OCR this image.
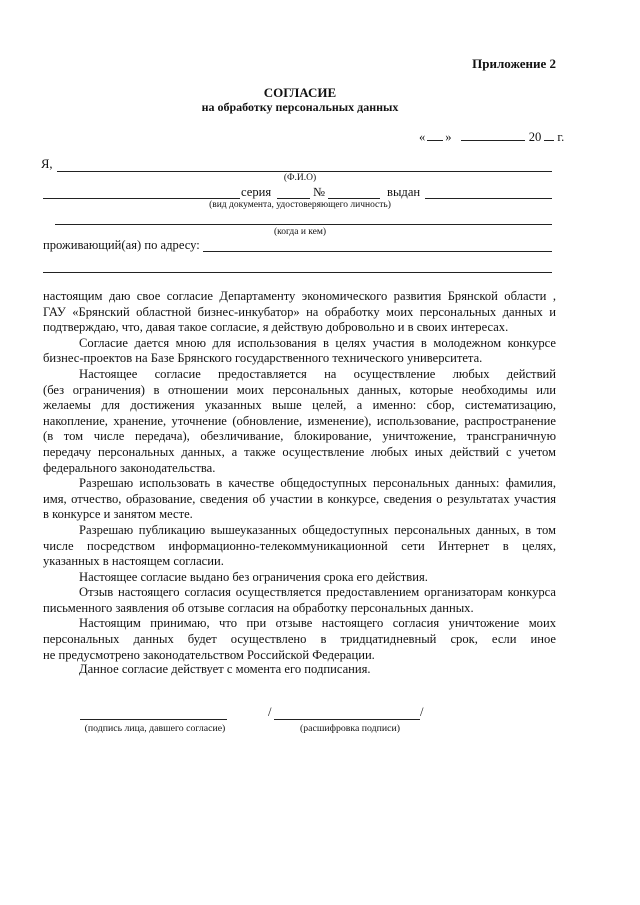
Приложение 2
СОГЛАСИЕ
на обработку персональных данных
« »	20 г.
Я,
(Ф.И.О)
серия	№	выдан
(вид документа, удостоверяющего личность)
(когда и кем)
проживающий(ая) по адресу:
настоящим даю свое согласие Департаменту экономического развития Брянской области ,
ГАУ «Брянский областной бизнес-инкубатор» на обработку моих персональных данных и
подтверждаю, что, давая такое согласие, я действую добровольно и в своих интересах.
Согласие дается мною для использования в целях участия в молодежном конкурсе
бизнес-проектов на Базе Брянского государственного технического университета.
Настоящее согласие предоставляется на осуществление любых действий
(без ограничения) в отношении моих персональных данных, которые необходимы или
желаемы для достижения указанных выше целей, а именно: сбор, систематизацию,
накопление, хранение, уточнение (обновление, изменение), использование, распространение
(в том числе передача), обезличивание, блокирование, уничтожение, трансграничную
передачу персональных данных, а также осуществление любых иных действий с учетом
федерального законодательства.
Разрешаю использовать в качестве общедоступных персональных данных: фамилия,
имя, отчество, образование, сведения об участии в конкурсе, сведения о результатах участия
в конкурсе и занятом месте.
Разрешаю публикацию вышеуказанных общедоступных персональных данных, в том
числе посредством информационно-телекоммуникационной сети Интернет в целях,
указанных в настоящем согласии.
Настоящее согласие выдано без ограничения срока его действия.
Отзыв настоящего согласия осуществляется предоставлением организаторам конкурса
письменного заявления об отзыве согласия на обработку персональных данных.
Настоящим принимаю, что при отзыве настоящего согласия уничтожение моих
персональных данных будет осуществлено в тридцатидневный срок, если иное
не предусмотрено законодательством Российской Федерации.
Данное согласие действует с момента его подписания.
(подпись лица, давшего согласие)
/	/
(расшифровка подписи)
